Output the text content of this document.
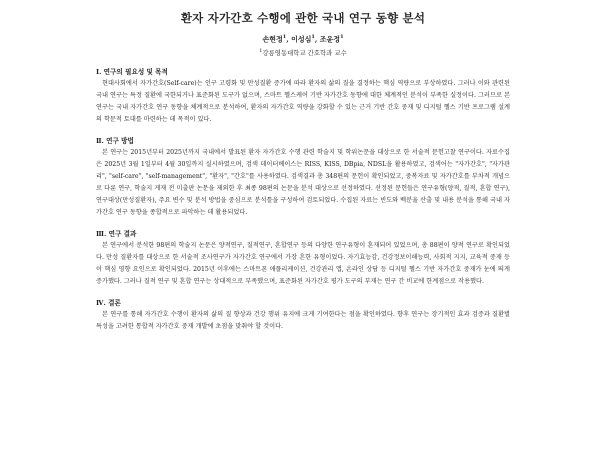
환자 자가간호 수행에 관한 국내 연구 동향 분석
손현정$^1$, 이성심$^1$, 조윤정$^1$
$^1$강릉영동대학교 간호학과 교수
Ⅰ. 연구의 필요성 및 목적

현대사회에서 자가간호(Self-care)는 인구 고령화 및 만성질환 증가에 따라 환자의 삶의 질을 결정하는 핵심 역량으로 부상하였다. 그러나 이와 관련된 국내 연구는 특정 질환에 국한되거나 표준화된 도구가 없으며, 스마트 헬스케어 기반 자가간호 동향에 대한 체계적인 분석이 부족한 실정이다. 그러므로 본 연구는 국내 자가간호 연구 동향을 체계적으로 분석하여, 환자의 자가간호 역량을 강화할 수 있는 근거 기반 간호 중재 및 디지털 헬스 기반 프로그램 설계의 학문적 토대를 마련하는 데 목적이 있다.

Ⅱ. 연구 방법

본 연구는 2015년부터 2025년까지 국내에서 발표된 환자 자가간호 수행 관련 학술지 및 학위논문을 대상으로 한 서술적 문헌고찰 연구이다. 자료수집은 2025년 3월 1일부터 4월 30일까지 실시하였으며, 검색 데이터베이스는 RISS, KISS, DBpia, NDSL을 활용하였고, 검색어는 "자가간호", "자가관리", "self-care", "self-management", "환자", "간호"를 사용하였다. 검색결과 총 348편의 문헌이 확인되었고, 중복자료 및 자가간호를 부차적 개념으로 다룬 연구, 학술지 게재 전 미출판 논문을 제외한 후 최종 98편의 논문을 분석 대상으로 선정하였다. 선정된 문헌들은 연구유형(양적, 질적, 혼합 연구), 연구대상(만성질환자), 주요 변수 및 분석 방법을 중심으로 분석틀을 구성하여 검토되었다. 수집된 자료는 빈도와 백분율 산출 및 내용 분석을 통해 국내 자가간호 연구 동향을 종합적으로 파악하는 데 활용되었다.

Ⅲ. 연구 결과

본 연구에서 분석한 98편의 학술지 논문은 양적연구, 질적연구, 혼합연구 등의 다양한 연구유형이 혼재되어 있었으며, 총 88편이 양적 연구로 확인되었다. 만성 질환자를 대상으로 한 서술적 조사연구가 자가간호 연구에서 가장 흔한 유형이었다. 자기효능감, 건강정보이해능력, 사회적 지지, 교육적 중재 등이 핵심 영향 요인으로 확인되었다. 2015년 이후에는 스마트폰 애플리케이션, 건강관리 앱, 온라인 상담 등 디지털 헬스 기반 자가간호 중재가 눈에 띄게 증가했다. 그러나 질적 연구 및 혼합 연구는 상대적으로 부족했으며, 표준화된 자가간호 평가 도구의 부재는 연구 간 비교에 한계점으로 작용했다.

Ⅳ. 결론

본 연구를 통해 자가간호 수행이 환자의 삶의 질 향상과 건강 행위 유지에 크게 기여한다는 점을 확인하였다. 향후 연구는 장기적인 효과 검증과 질환별 특성을 고려한 통합적 자가간호 중재 개발에 초점을 맞춰야 할 것이다.
